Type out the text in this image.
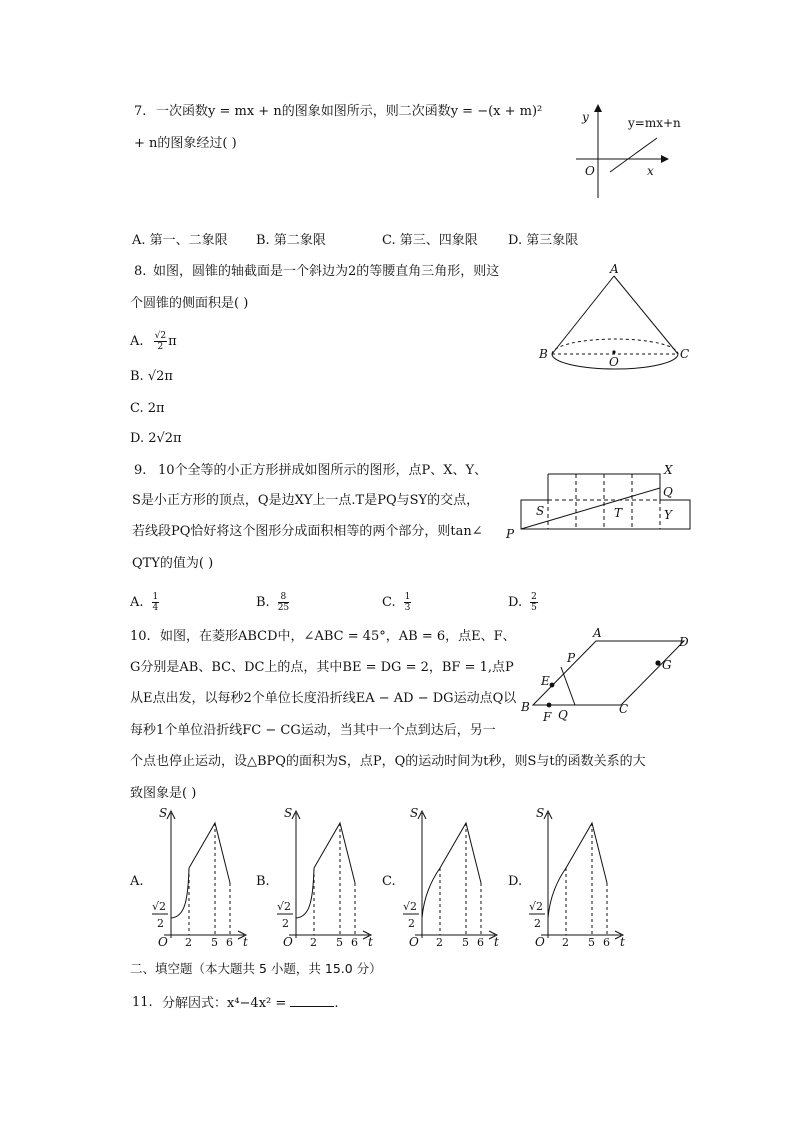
7. 一次函数y = mx + n的图象如图所示，则二次函数y = −(x + m)²
+ n的图象经过( )
y
x
O
y=mx+n
A. 第一、二象限 B. 第二象限	C. 第三、四象限 D. 第三象限
8. 如图，圆锥的轴截面是一个斜边为2的等腰直角三角形，则这
个圆锥的侧面积是( )
A
B
O
C
A. $\frac{√2}{2}$ π
B. √2π
C. 2π
D. 2√2π
9. 10个全等的小正方形拼成如图所示的图形，点P、X、Y、
S是小正方形的顶点，Q是边XY上一点.T是PQ与SY的交点，
若线段PQ恰好将这个图形分成面积相等的两个部分，则tan∠
QTY的值为( )
X
Q
Y
S	T
P
A. $\frac{1}{4}$	B. $\frac{8}{25}$	C. $\frac{1}{3}$	D. $\frac{2}{5}$
10. 如图，在菱形ABCD中，∠ABC = 45°，AB = 6，点E、F、
G分别是AB、BC、DC上的点，其中BE = DG = 2，BF = 1,点P
从E点出发，以每秒2个单位长度沿折线EA − AD − DG运动点Q以
每秒1个单位沿折线FC − CG运动，当其中一个点到达后，另一
个点也停止运动，设△BPQ的面积为S，点P，Q的运动时间为t秒，则S与t的函数关系的大
致图象是( )
A
D
P	G
E
B
F Q	C
A.	B.	C.	D.
S
t
O
√2
2
2 5 6
S
t
O
√2
2
2 5 6
S
t
O
√2
2
2 5 6
S
t
O
√2
2
2 5 6
二、填空题（本大题共 5 小题，共 15.0 分）
11. 分解因式：x⁴−4x² =	.
